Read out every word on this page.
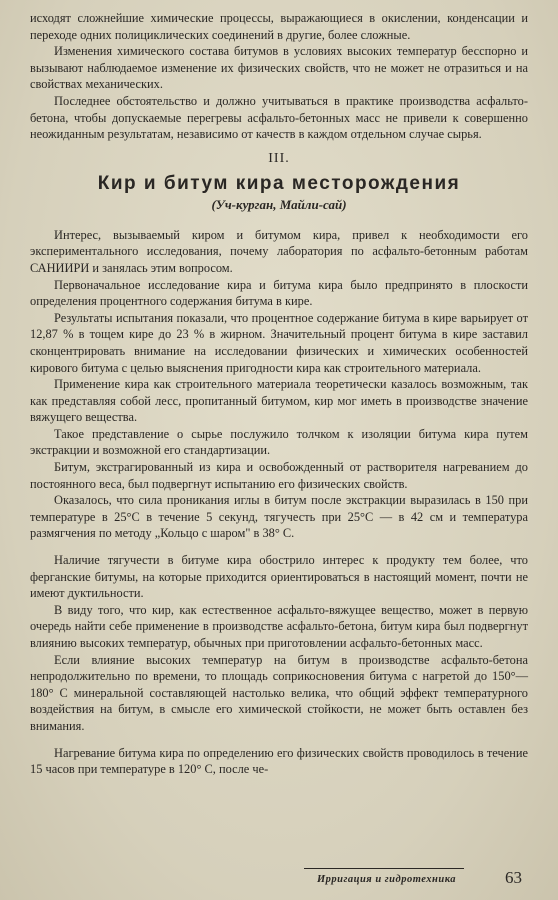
исходят сложнейшие химические процессы, выражающиеся в окислении, конденсации и переходе одних полициклических соединений в другие, более сложные.

Изменения химического состава битумов в условиях высоких температур бесспорно и вызывают наблюдаемое изменение их физических свойств, что не может не отразиться и на свойствах механических.

Последнее обстоятельство и должно учитываться в практике производства асфальто-бетона, чтобы допускаемые перегревы асфальто-бетонных масс не привели к совершенно неожиданным результатам, независимо от качеств в каждом отдельном случае сырья.

III.
Кир и битум кира месторождения
(Уч-курган, Майли-сай)

Интерес, вызываемый киром и битумом кира, привел к необходимости его экспериментального исследования, почему лаборатория по асфальто-бетонным работам САНИИРИ и занялась этим вопросом.

Первоначальное исследование кира и битума кира было предпринято в плоскости определения процентного содержания битума в кире.

Результаты испытания показали, что процентное содержание битума в кире варьирует от 12,87 % в тощем кире до 23 % в жирном. Значительный процент битума в кире заставил сконцентрировать внимание на исследовании физических и химических особенностей кирового битума с целью выяснения пригодности кира как строительного материала.

Применение кира как строительного материала теоретически казалось возможным, так как представляя собой лесс, пропитанный битумом, кир мог иметь в производстве значение вяжущего вещества.

Такое представление о сырье послужило толчком к изоляции битума кира путем экстракции и возможной его стандартизации.

Битум, экстрагированный из кира и освобожденный от растворителя нагреванием до постоянного веса, был подвергнут испытанию его физических свойств.

Оказалось, что сила проникания иглы в битум после экстракции выразилась в 150 при температуре в 25°С в течение 5 секунд, тягучесть при 25°С — в 42 см и температура размягчения по методу „Кольцо с шаром" в 38° С.

Наличие тягучести в битуме кира обострило интерес к продукту тем более, что ферганские битумы, на которые приходится ориентироваться в настоящий момент, почти не имеют дуктильности.

В виду того, что кир, как естественное асфальто-вяжущее вещество, может в первую очередь найти себе применение в производстве асфальто-бетона, битум кира был подвергнут влиянию высоких температур, обычных при приготовлении асфальто-бетонных масс.

Если влияние высоких температур на битум в производстве асфальто-бетона непродолжительно по времени, то площадь соприкосновения битума с нагретой до 150°—180° С минеральной составляющей настолько велика, что общий эффект температурного воздействия на битум, в смысле его химической стойкости, не может быть оставлен без внимания.

Нагревание битума кира по определению его физических свойств проводилось в течение 15 часов при температуре в 120° С, после че-

Ирригация и гидротехника	63
